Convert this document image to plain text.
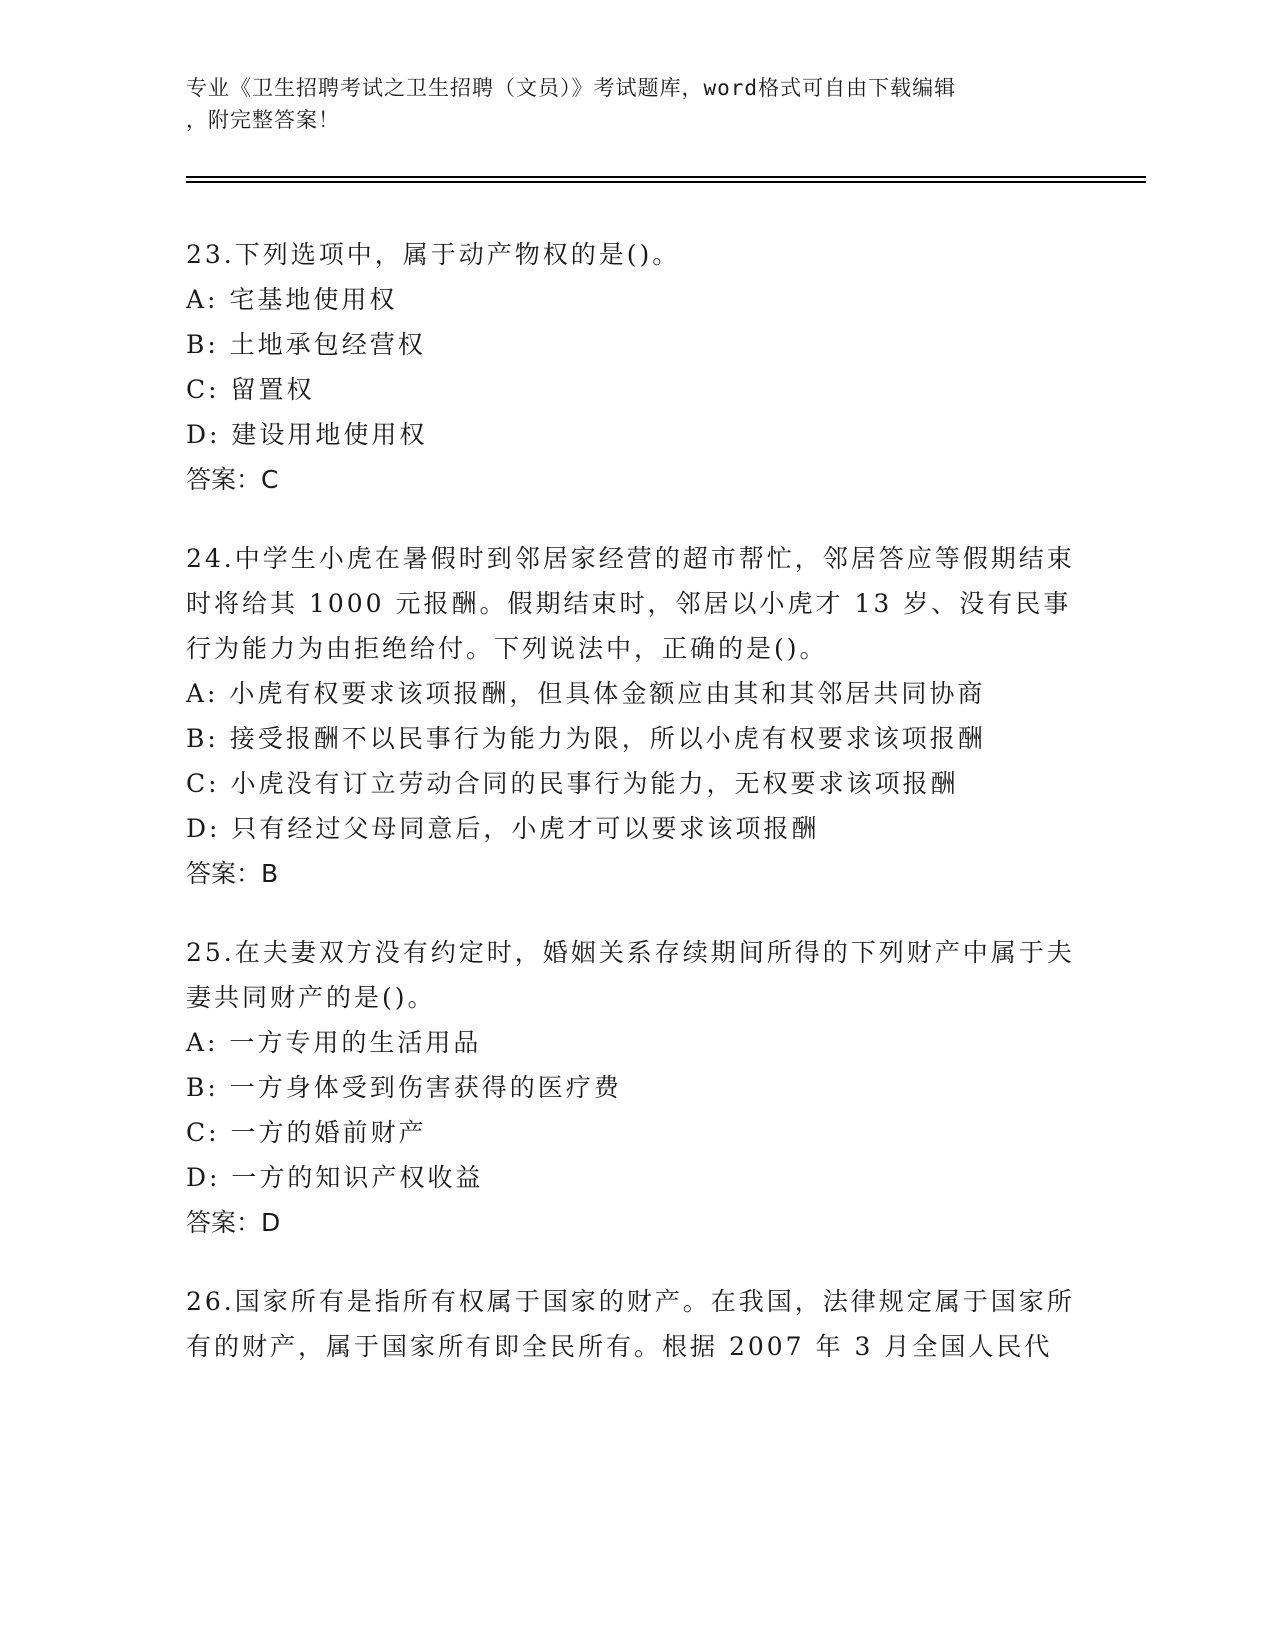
专业《卫生招聘考试之卫生招聘（文员）》考试题库，word格式可自由下载编辑
，附完整答案！

23.下列选项中，属于动产物权的是()。

A: 宅基地使用权

B: 土地承包经营权

C: 留置权

D: 建设用地使用权

答案：C

24.中学生小虎在暑假时到邻居家经营的超市帮忙，邻居答应等假期结束时将给其 1000 元报酬。假期结束时，邻居以小虎才 13 岁、没有民事行为能力为由拒绝给付。下列说法中，正确的是()。

A: 小虎有权要求该项报酬，但具体金额应由其和其邻居共同协商

B: 接受报酬不以民事行为能力为限，所以小虎有权要求该项报酬

C: 小虎没有订立劳动合同的民事行为能力，无权要求该项报酬

D: 只有经过父母同意后，小虎才可以要求该项报酬

答案：B

25.在夫妻双方没有约定时，婚姻关系存续期间所得的下列财产中属于夫妻共同财产的是()。

A: 一方专用的生活用品

B: 一方身体受到伤害获得的医疗费

C: 一方的婚前财产

D: 一方的知识产权收益

答案：D

26.国家所有是指所有权属于国家的财产。在我国，法律规定属于国家所有的财产，属于国家所有即全民所有。根据 2007 年 3 月全国人民代
